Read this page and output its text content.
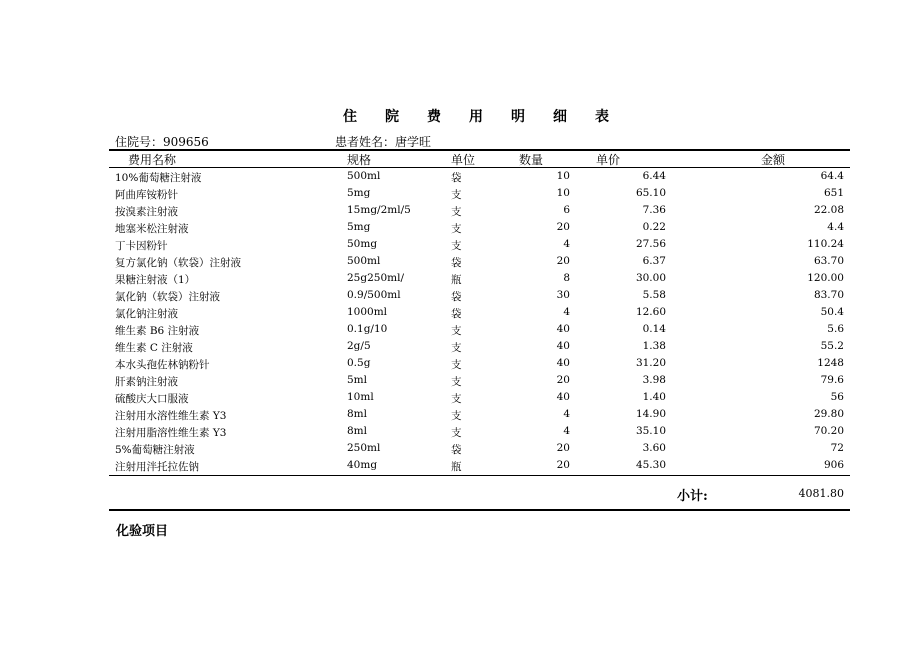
住院费用明细表
住院号：909656	患者姓名：唐学旺
费用名称	规格	单位	数量	单价	金额
10%葡萄糖注射液	500ml	袋	10	6.44	64.4
阿曲库铵粉针	5mg	支	10	65.10	651
按溴素注射液	15mg/2ml/5	支	6	7.36	22.08
地塞米松注射液	5mg	支	20	0.22	4.4
丁卡因粉针	50mg	支	4	27.56	110.24
复方氯化钠（软袋）注射液	500ml	袋	20	6.37	63.70
果糖注射液（1）	25g250ml/	瓶	8	30.00	120.00
氯化钠（软袋）注射液	0.9/500ml	袋	30	5.58	83.70
氯化钠注射液	1000ml	袋	4	12.60	50.4
维生素 B6 注射液	0.1g/10	支	40	0.14	5.6
维生素 C 注射液	2g/5	支	40	1.38	55.2
本水头孢佐林钠粉针	0.5g	支	40	31.20	1248
肝素钠注射液	5ml	支	20	3.98	79.6
硫酸庆大口服液	10ml	支	40	1.40	56
注射用水溶性维生素 Y3	8ml	支	4	14.90	29.80
注射用脂溶性维生素 Y3	8ml	支	4	35.10	70.20
5%葡萄糖注射液	250ml	袋	20	3.60	72
注射用泮托拉佐钠	40mg	瓶	20	45.30	906
小计:	4081.80
化验项目
